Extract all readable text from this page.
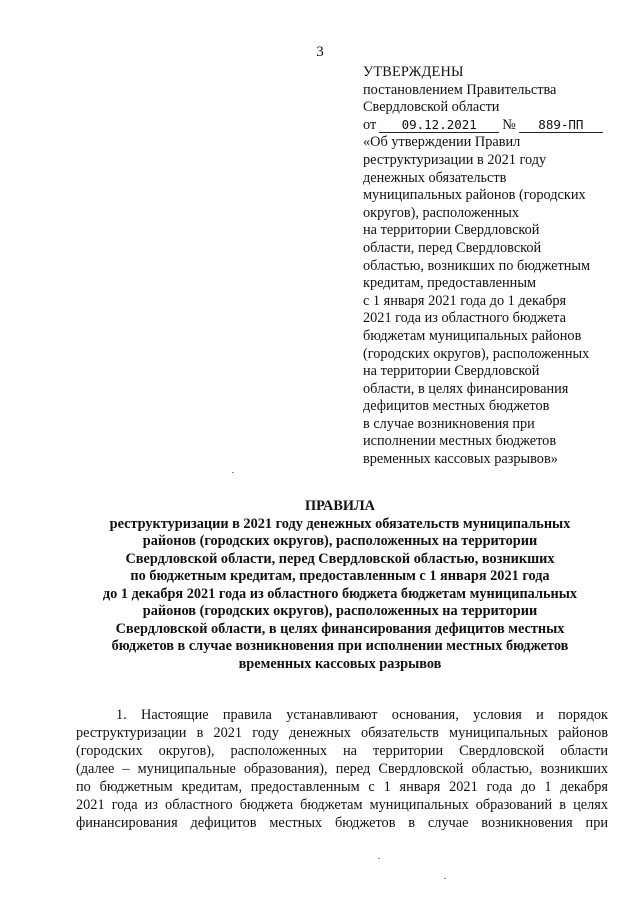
3
УТВЕРЖДЕНЫ
постановлением Правительства
Свердловской области
от	09.12.2021	№	889-ПП
«Об утверждении Правил
реструктуризации в 2021 году
денежных обязательств
муниципальных районов (городских
округов), расположенных
на территории Свердловской
области, перед Свердловской
областью, возникших по бюджетным
кредитам, предоставленным
с 1 января 2021 года до 1 декабря
2021 года из областного бюджета
бюджетам муниципальных районов
(городских округов), расположенных
на территории Свердловской
области, в целях финансирования
дефицитов местных бюджетов
в случае возникновения при
исполнении местных бюджетов
временных кассовых разрывов»
ПРАВИЛА
реструктуризации в 2021 году денежных обязательств муниципальных
районов (городских округов), расположенных на территории
Свердловской области, перед Свердловской областью, возникших
по бюджетным кредитам, предоставленным с 1 января 2021 года
до 1 декабря 2021 года из областного бюджета бюджетам муниципальных
районов (городских округов), расположенных на территории
Свердловской области, в целях финансирования дефицитов местных
бюджетов в случае возникновения при исполнении местных бюджетов
временных кассовых разрывов
1. Настоящие правила устанавливают основания, условия и порядок
реструктуризации в 2021 году денежных обязательств муниципальных районов
(городских округов), расположенных на территории Свердловской области
(далее – муниципальные образования), перед Свердловской областью, возникших
по бюджетным кредитам, предоставленным с 1 января 2021 года до 1 декабря
2021 года из областного бюджета бюджетам муниципальных образований в целях
финансирования дефицитов местных бюджетов в случае возникновения при
